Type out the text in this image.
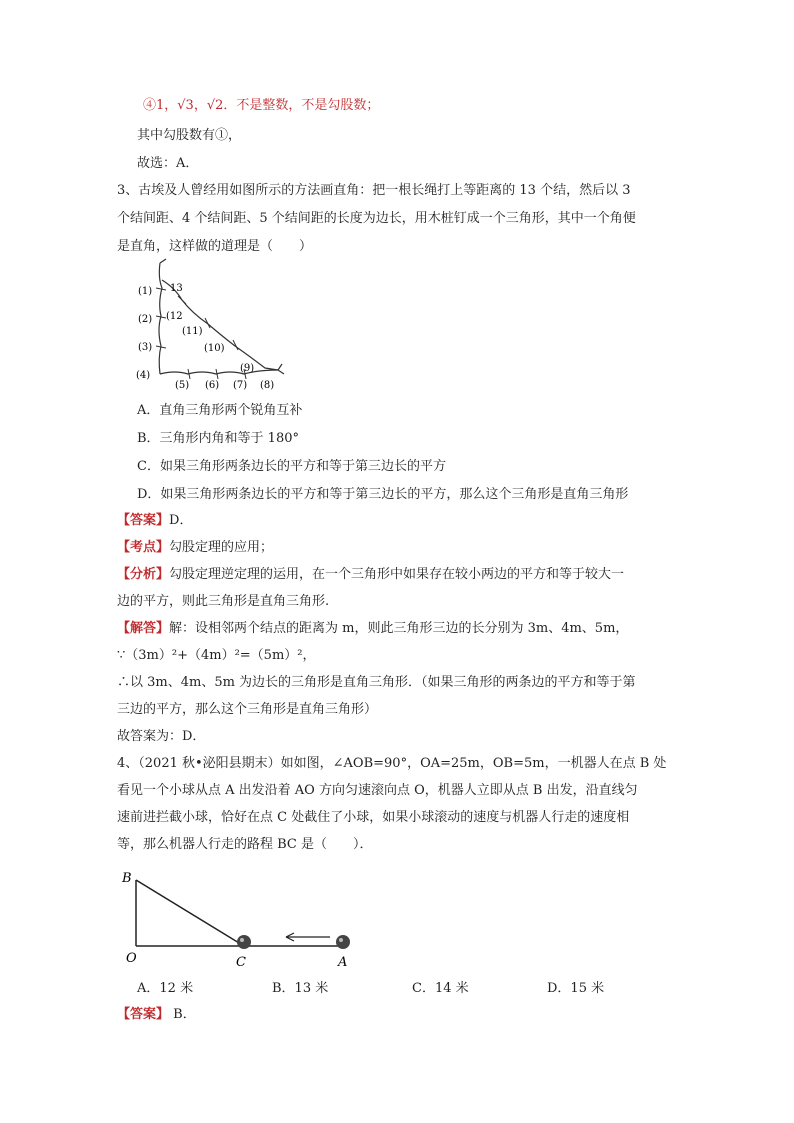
④1，√3，√2．不是整数，不是勾股数；
其中勾股数有①，
故选：A．
3、古埃及人曾经用如图所示的方法画直角：把一根长绳打上等距离的 13 个结，然后以 3
个结间距、4 个结间距、5 个结间距的长度为边长，用木桩钉成一个三角形，其中一个角便
是直角，这样做的道理是（　　）
(1)
(2)
(3)
(4)
13
(12
(11)
(10)
(9)
(5) (6) (7) (8)
A．直角三角形两个锐角互补
B．三角形内角和等于 180°
C．如果三角形两条边长的平方和等于第三边长的平方
D．如果三角形两条边长的平方和等于第三边长的平方，那么这个三角形是直角三角形
【答案】D．
【考点】勾股定理的应用；
【分析】勾股定理逆定理的运用，在一个三角形中如果存在较小两边的平方和等于较大一
边的平方，则此三角形是直角三角形.
【解答】解：设相邻两个结点的距离为 m，则此三角形三边的长分别为 3m、4m、5m，
∵（3m）²+（4m）²=（5m）²，
∴以 3m、4m、5m 为边长的三角形是直角三角形．（如果三角形的两条边的平方和等于第
三边的平方，那么这个三角形是直角三角形）
故答案为：D．
4、（2021 秋•泌阳县期末）如如图，∠AOB=90°，OA=25m，OB=5m，一机器人在点 B 处
看见一个小球从点 A 出发沿着 AO 方向匀速滚向点 O，机器人立即从点 B 出发，沿直线匀
速前进拦截小球，恰好在点 C 处截住了小球，如果小球滚动的速度与机器人行走的速度相
等，那么机器人行走的路程 BC 是（　　）．
B
O	C	A
A．12 米	B．13 米	C．14 米	D．15 米
【答案】 B．
